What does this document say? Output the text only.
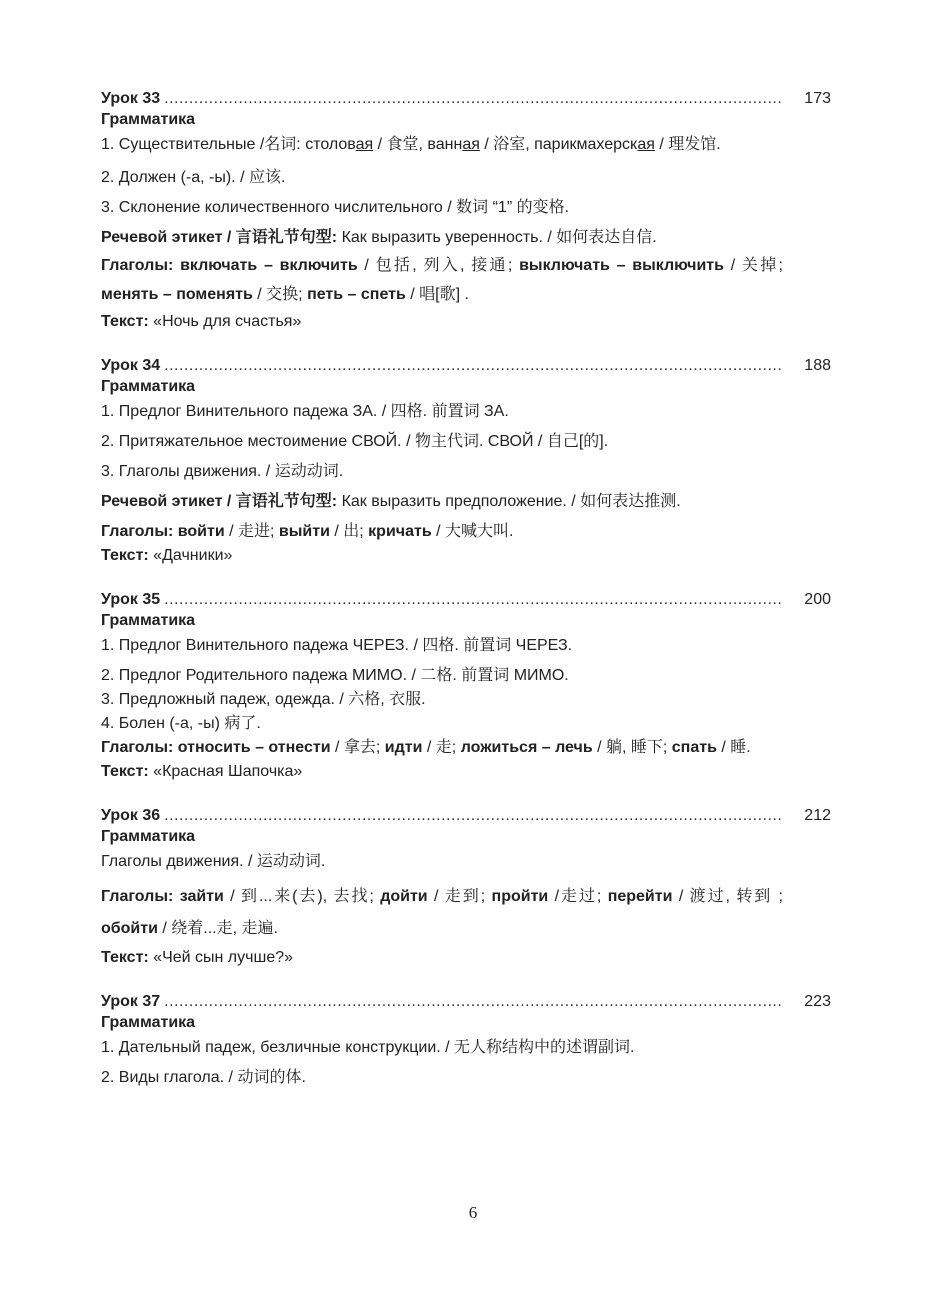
Урок 33 .....	173
Грамматика
1. Существительные /名词: столовая / 食堂, ванная / 浴室, парикмахерская / 理发馆.
2. Должен (-а, -ы). / 应该.
3. Склонение количественного числительного / 数词 “1” 的变格.
Речевой этикет / 言语礼节句型: Как выразить уверенность. / 如何表达自信.
Глаголы: включать – включить / 包括, 列入, 接通; выключать – выключить / 关掉; менять – поменять / 交换; петь – спеть / 唱[歌] .
Текст: «Ночь для счастья»
Урок 34 .....	188
Грамматика
1. Предлог Винительного падежа ЗА. / 四格. 前置词 ЗА.
2. Притяжательное местоимение СВОЙ. / 物主代词. СВОЙ / 自己[的].
3. Глаголы движения. / 运动动词.
Речевой этикет / 言语礼节句型: Как выразить предположение. / 如何表达推测.
Глаголы: войти / 走进; выйти / 出; кричать / 大喊大叫.
Текст: «Дачники»
Урок 35 .....	200
Грамматика
1. Предлог Винительного падежа ЧЕРЕЗ. / 四格. 前置词 ЧЕРЕЗ.
2. Предлог Родительного падежа МИМО. / 二格. 前置词 МИМО.
3. Предложный падеж, одежда. / 六格, 衣服.
4. Болен (-а, -ы) 病了.
Глаголы: относить – отнести / 拿去; идти / 走; ложиться – лечь / 躺, 睡下; спать / 睡.
Текст: «Красная Шапочка»
Урок 36 .....	212
Грамматика
Глаголы движения. / 运动动词.
Глаголы: зайти / 到...来(去), 去找; дойти / 走到; пройти /走过; перейти / 渡过, 转到 ; обойти / 绕着...走, 走遍.
Текст: «Чей сын лучше?»
Урок 37 .....	223
Грамматика
1. Дательный падеж, безличные конструкции. / 无人称结构中的述谓副词.
2. Виды глагола. / 动词的体.
6
